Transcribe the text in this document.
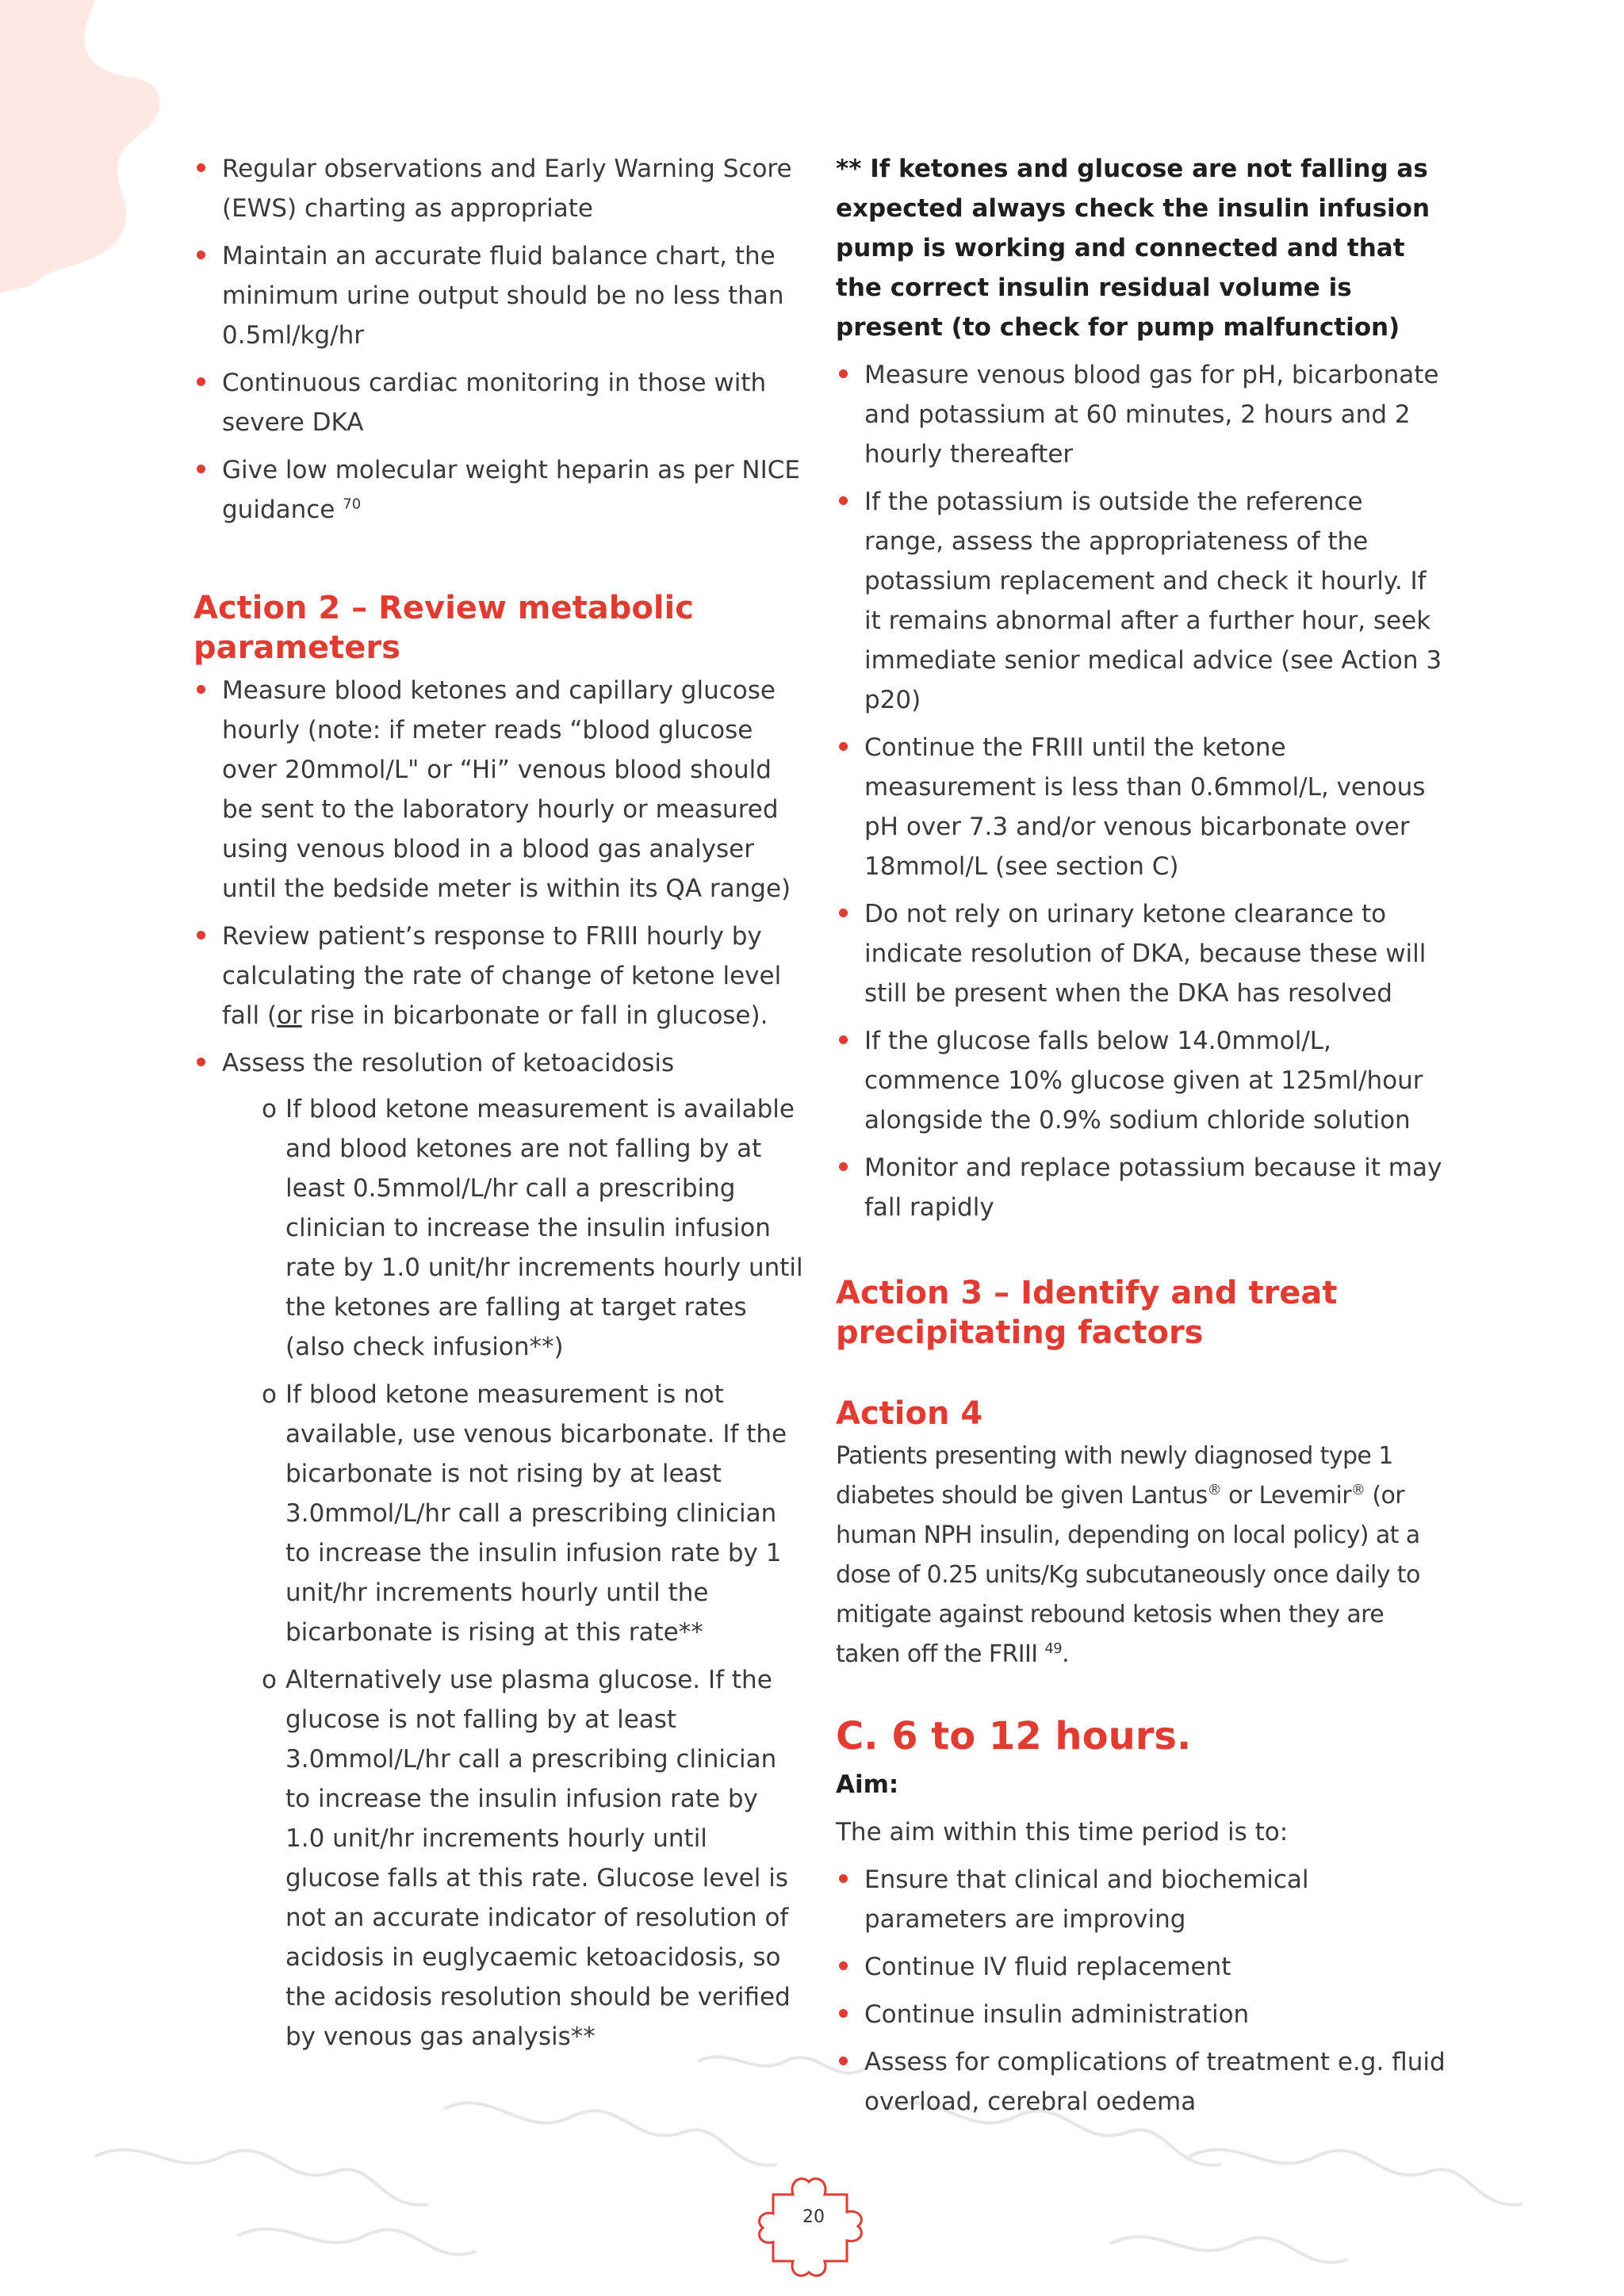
20
Regular observations and Early Warning Score (EWS) charting as appropriate
Maintain an accurate fluid balance chart, the minimum urine output should be no less than 0.5ml/kg/hr
Continuous cardiac monitoring in those with severe DKA
Give low molecular weight heparin as per NICE guidance $^{70}$
Action 2 – Review metabolic parameters
Measure blood ketones and capillary glucose hourly (note: if meter reads “blood glucose over 20mmol/L" or “Hi” venous blood should be sent to the laboratory hourly or measured using venous blood in a blood gas analyser until the bedside meter is within its QA range)
Review patient’s response to FRIII hourly by calculating the rate of change of ketone level fall (or rise in bicarbonate or fall in glucose).
Assess the resolution of ketoacidosis
o If blood ketone measurement is available and blood ketones are not falling by at least 0.5mmol/L/hr call a prescribing clinician to increase the insulin infusion rate by 1.0 unit/hr increments hourly until the ketones are falling at target rates (also check infusion**)
o If blood ketone measurement is not available, use venous bicarbonate. If the bicarbonate is not rising by at least 3.0mmol/L/hr call a prescribing clinician to increase the insulin infusion rate by 1 unit/hr increments hourly until the bicarbonate is rising at this rate**
o Alternatively use plasma glucose. If the glucose is not falling by at least 3.0mmol/L/hr call a prescribing clinician to increase the insulin infusion rate by 1.0 unit/hr increments hourly until glucose falls at this rate. Glucose level is not an accurate indicator of resolution of acidosis in euglycaemic ketoacidosis, so the acidosis resolution should be verified by venous gas analysis**

** If ketones and glucose are not falling as expected always check the insulin infusion pump is working and connected and that the correct insulin residual volume is present (to check for pump malfunction)

Measure venous blood gas for pH, bicarbonate and potassium at 60 minutes, 2 hours and 2 hourly thereafter
If the potassium is outside the reference range, assess the appropriateness of the potassium replacement and check it hourly. If it remains abnormal after a further hour, seek immediate senior medical advice (see Action 3 p20)
Continue the FRIII until the ketone measurement is less than 0.6mmol/L, venous pH over 7.3 and/or venous bicarbonate over 18mmol/L (see section C)
Do not rely on urinary ketone clearance to indicate resolution of DKA, because these will still be present when the DKA has resolved
If the glucose falls below 14.0mmol/L, commence 10% glucose given at 125ml/hour alongside the 0.9% sodium chloride solution
Monitor and replace potassium because it may fall rapidly
Action 3 – Identify and treat precipitating factors
Action 4

Patients presenting with newly diagnosed type 1 diabetes should be given Lantus® or Levemir® (or human NPH insulin, depending on local policy) at a dose of 0.25 units/Kg subcutaneously once daily to mitigate against rebound ketosis when they are taken off the FRIII $^{49}$.

C. 6 to 12 hours.

Aim:

The aim within this time period is to:

Ensure that clinical and biochemical parameters are improving
Continue IV fluid replacement
Continue insulin administration
Assess for complications of treatment e.g. fluid overload, cerebral oedema
